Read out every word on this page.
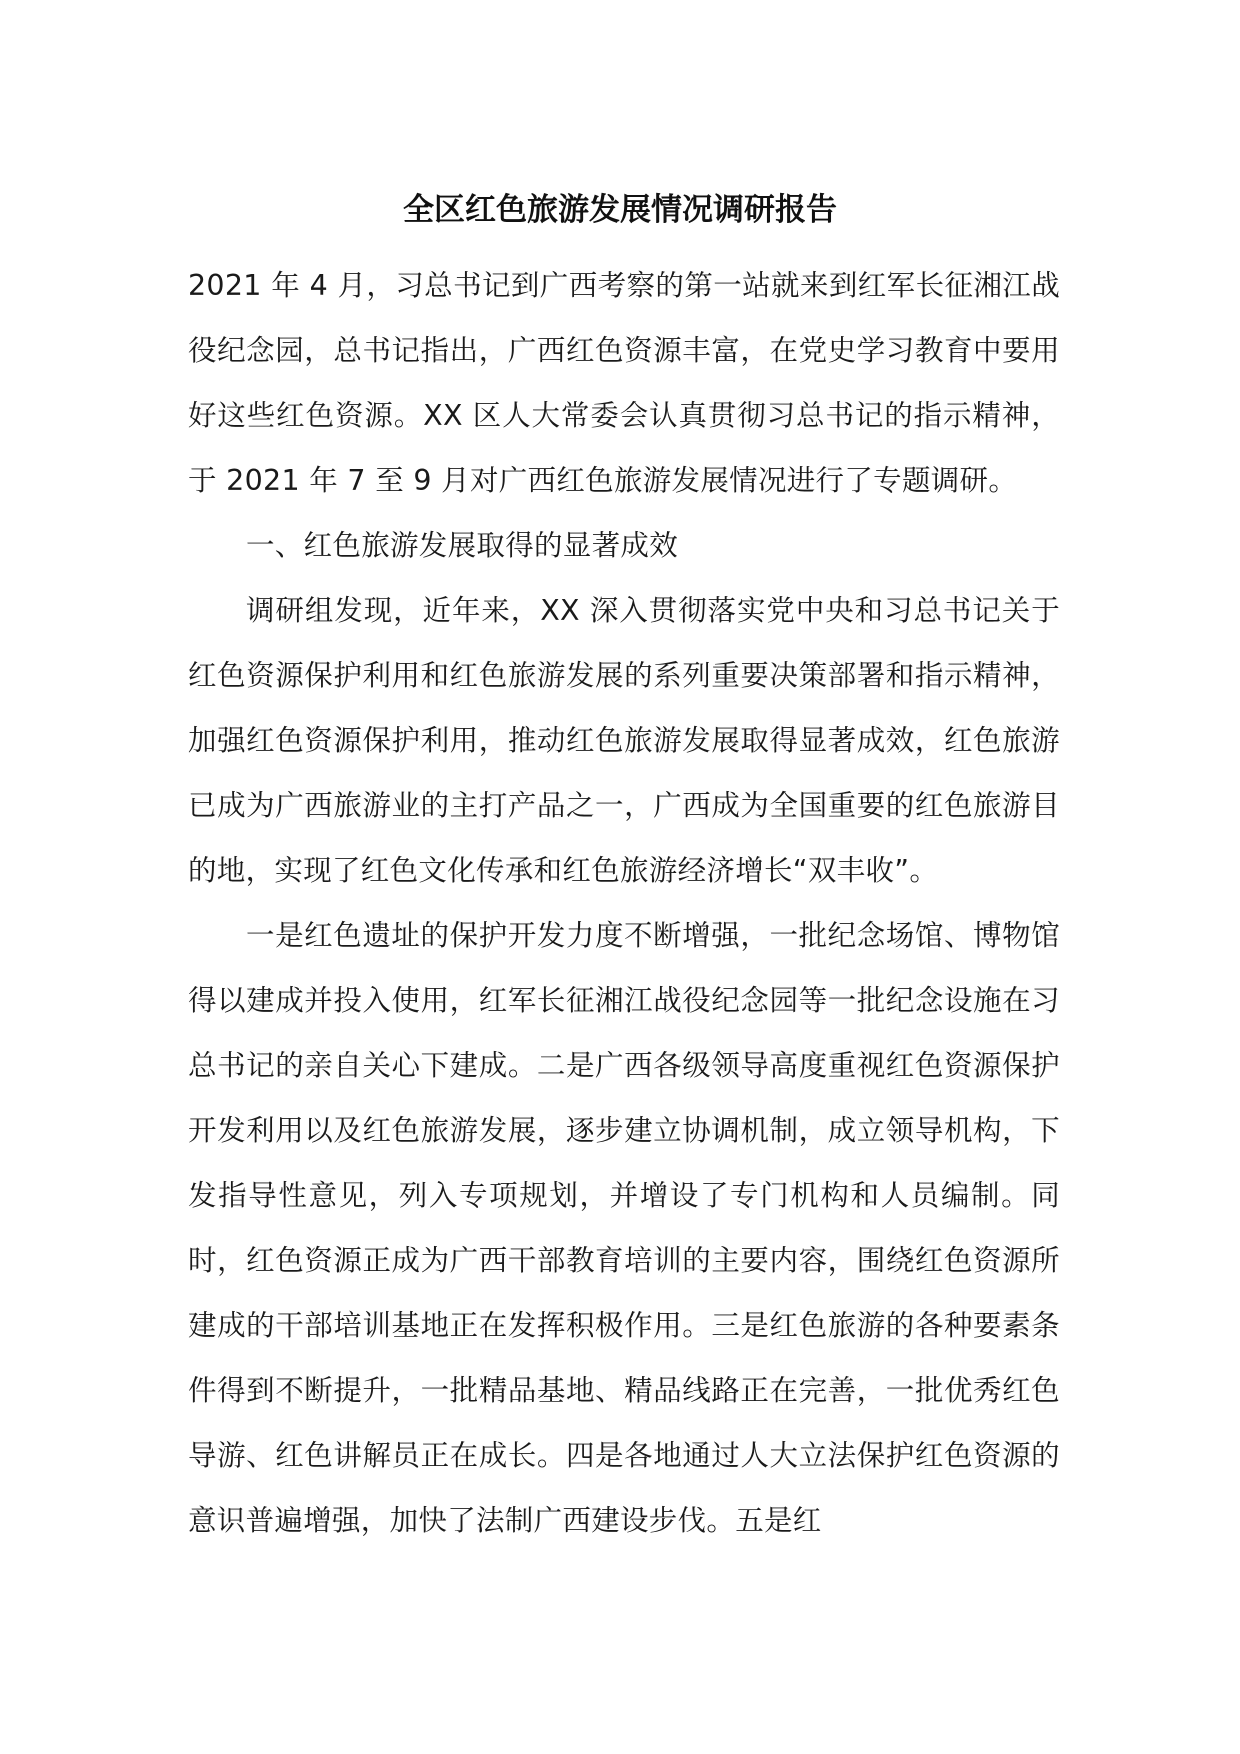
全区红色旅游发展情况调研报告

2021 年 4 月，习总书记到广西考察的第一站就来到红军长征湘江战役纪念园，总书记指出，广西红色资源丰富，在党史学习教育中要用好这些红色资源。XX 区人大常委会认真贯彻习总书记的指示精神，于 2021 年 7 至 9 月对广西红色旅游发展情况进行了专题调研。

一、红色旅游发展取得的显著成效

调研组发现，近年来，XX 深入贯彻落实党中央和习总书记关于红色资源保护利用和红色旅游发展的系列重要决策部署和指示精神，加强红色资源保护利用，推动红色旅游发展取得显著成效，红色旅游已成为广西旅游业的主打产品之一，广西成为全国重要的红色旅游目的地，实现了红色文化传承和红色旅游经济增长“双丰收”。

一是红色遗址的保护开发力度不断增强，一批纪念场馆、博物馆得以建成并投入使用，红军长征湘江战役纪念园等一批纪念设施在习总书记的亲自关心下建成。二是广西各级领导高度重视红色资源保护开发利用以及红色旅游发展，逐步建立协调机制，成立领导机构，下发指导性意见，列入专项规划，并增设了专门机构和人员编制。同时，红色资源正成为广西干部教育培训的主要内容，围绕红色资源所建成的干部培训基地正在发挥积极作用。三是红色旅游的各种要素条件得到不断提升，一批精品基地、精品线路正在完善，一批优秀红色导游、红色讲解员正在成长。四是各地通过人大立法保护红色资源的意识普遍增强，加快了法制广西建设步伐。五是红
